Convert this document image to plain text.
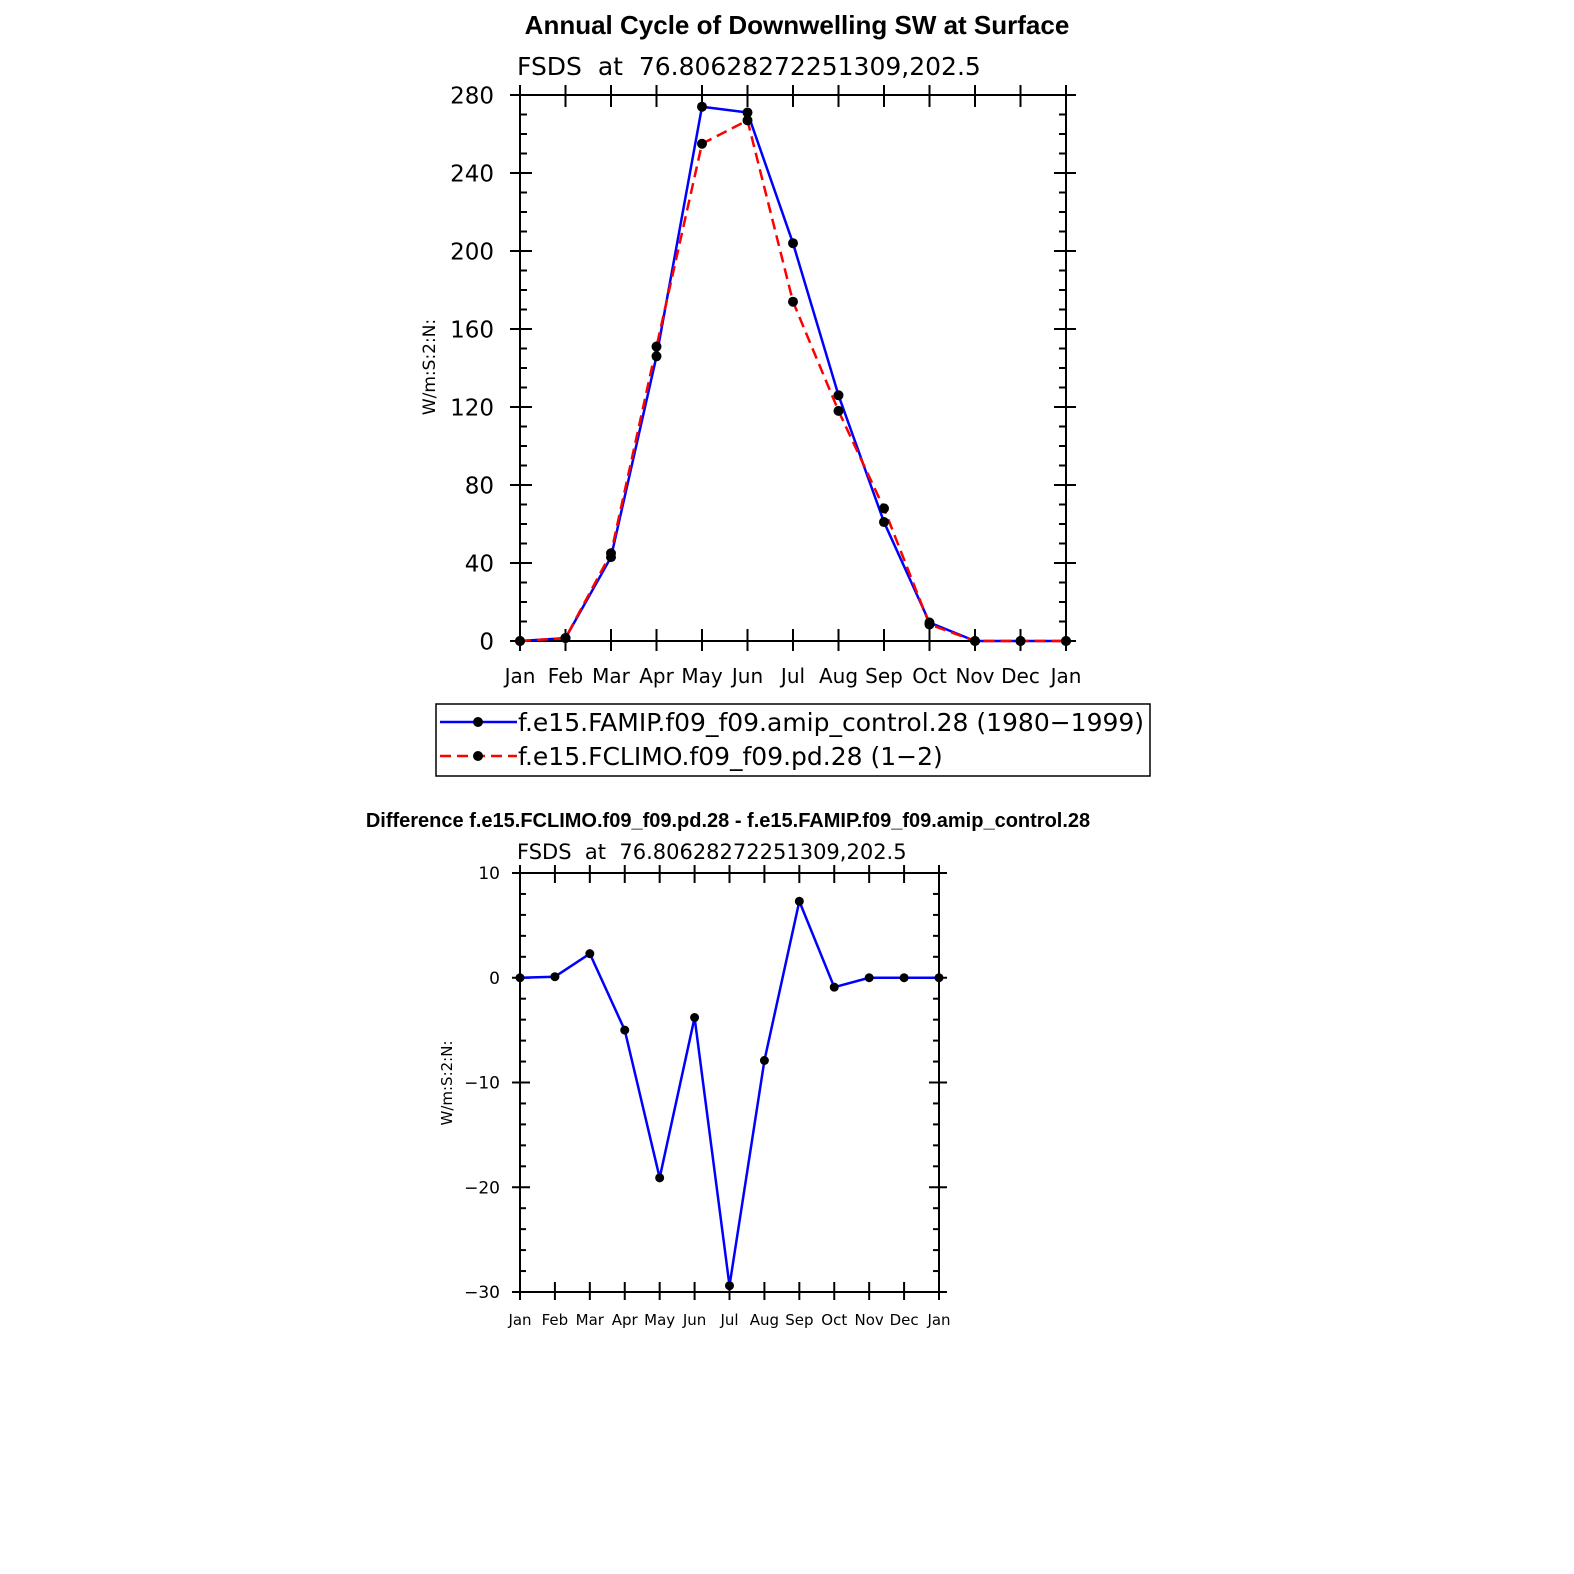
Annual Cycle of Downwelling SW at Surface
FSDS  at  76.80628272251309,202.5
W/m:S:2:N:
Jan Feb Mar Apr May Jun Jul Aug Sep Oct Nov Dec Jan
0
40
80
120
160
200
240
280
f.e15.FAMIP.f09_f09.amip_control.28 (1980−1999)
f.e15.FCLIMO.f09_f09.pd.28 (1−2)
Difference f.e15.FCLIMO.f09_f09.pd.28 - f.e15.FAMIP.f09_f09.amip_control.28
FSDS  at  76.80628272251309,202.5
W/m:S:2:N:
Jan Feb Mar Apr May Jun Jul Aug Sep Oct Nov Dec Jan
−30
−20
−10
0
10
